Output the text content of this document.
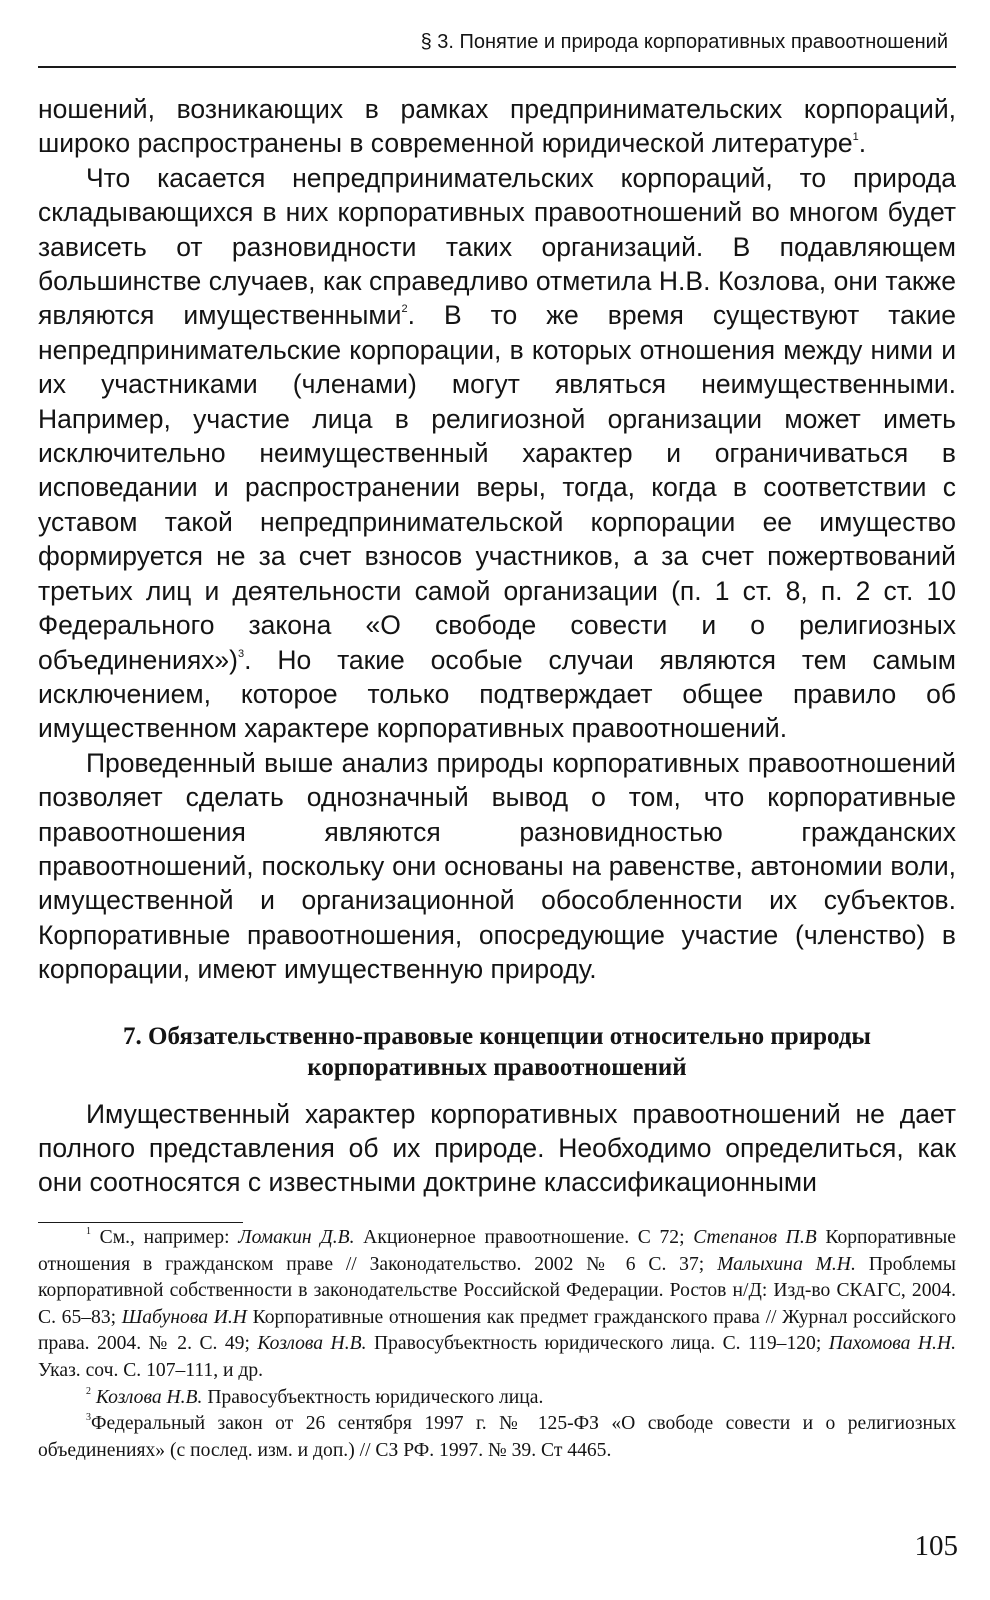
§ 3. Понятие и природа корпоративных правоотношений

ношений, возникающих в рамках предпринимательских корпораций, широко распространены в современной юридической литературе$^1$.

Что касается непредпринимательских корпораций, то природа складывающихся в них корпоративных правоотношений во многом будет зависеть от разновидности таких организаций. В подавляющем большинстве случаев, как справедливо отметила Н.В. Козлова, они также являются имущественными$^2$. В то же время существуют такие непредпринимательские корпорации, в которых отношения между ними и их участниками (членами) могут являться неимущественными. Например, участие лица в религиозной организации может иметь исключительно неимущественный характер и ограничиваться в исповедании и распространении веры, тогда, когда в соответствии с уставом такой непредпринимательской корпорации ее имущество формируется не за счет взносов участников, а за счет пожертвований третьих лиц и деятельности самой организации (п. 1 ст. 8, п. 2 ст. 10 Федерального закона «О свободе совести и о религиозных объединениях»)$^3$. Но такие особые случаи являются тем самым исключением, которое только подтверждает общее правило об имущественном характере корпоративных правоотношений.

Проведенный выше анализ природы корпоративных правоотношений позволяет сделать однозначный вывод о том, что корпоративные правоотношения являются разновидностью гражданских правоотношений, поскольку они основаны на равенстве, автономии воли, имущественной и организационной обособленности их субъектов. Корпоративные правоотношения, опосредующие участие (членство) в корпорации, имеют имущественную природу.

7. Обязательственно-правовые концепции относительно природы
корпоративных правоотношений

Имущественный характер корпоративных правоотношений не дает полного представления об их природе. Необходимо определиться, как они соотносятся с известными доктрине классификационными

$^1$ См., например: Ломакин Д.В. Акционерное правоотношение. С 72; Степанов П.В Корпоративные отношения в гражданском праве // Законодательство. 2002 № 6 С. 37; Малыхина М.Н. Проблемы корпоративной собственности в законодательстве Российской Федерации. Ростов н/Д: Изд-во СКАГС, 2004. С. 65–83; Шабунова И.Н Корпоративные отношения как предмет гражданского права // Журнал российского права. 2004. № 2. С. 49; Козлова Н.В. Правосубъектность юридического лица. С. 119–120; Пахомова Н.Н. Указ. соч. С. 107–111, и др.

$^2$ Козлова Н.В. Правосубъектность юридического лица.

$^3$Федеральный закон от 26 сентября 1997 г. № 125-ФЗ «О свободе совести и о религиозных объединениях» (с послед. изм. и доп.) // СЗ РФ. 1997. № 39. Ст 4465.

105
